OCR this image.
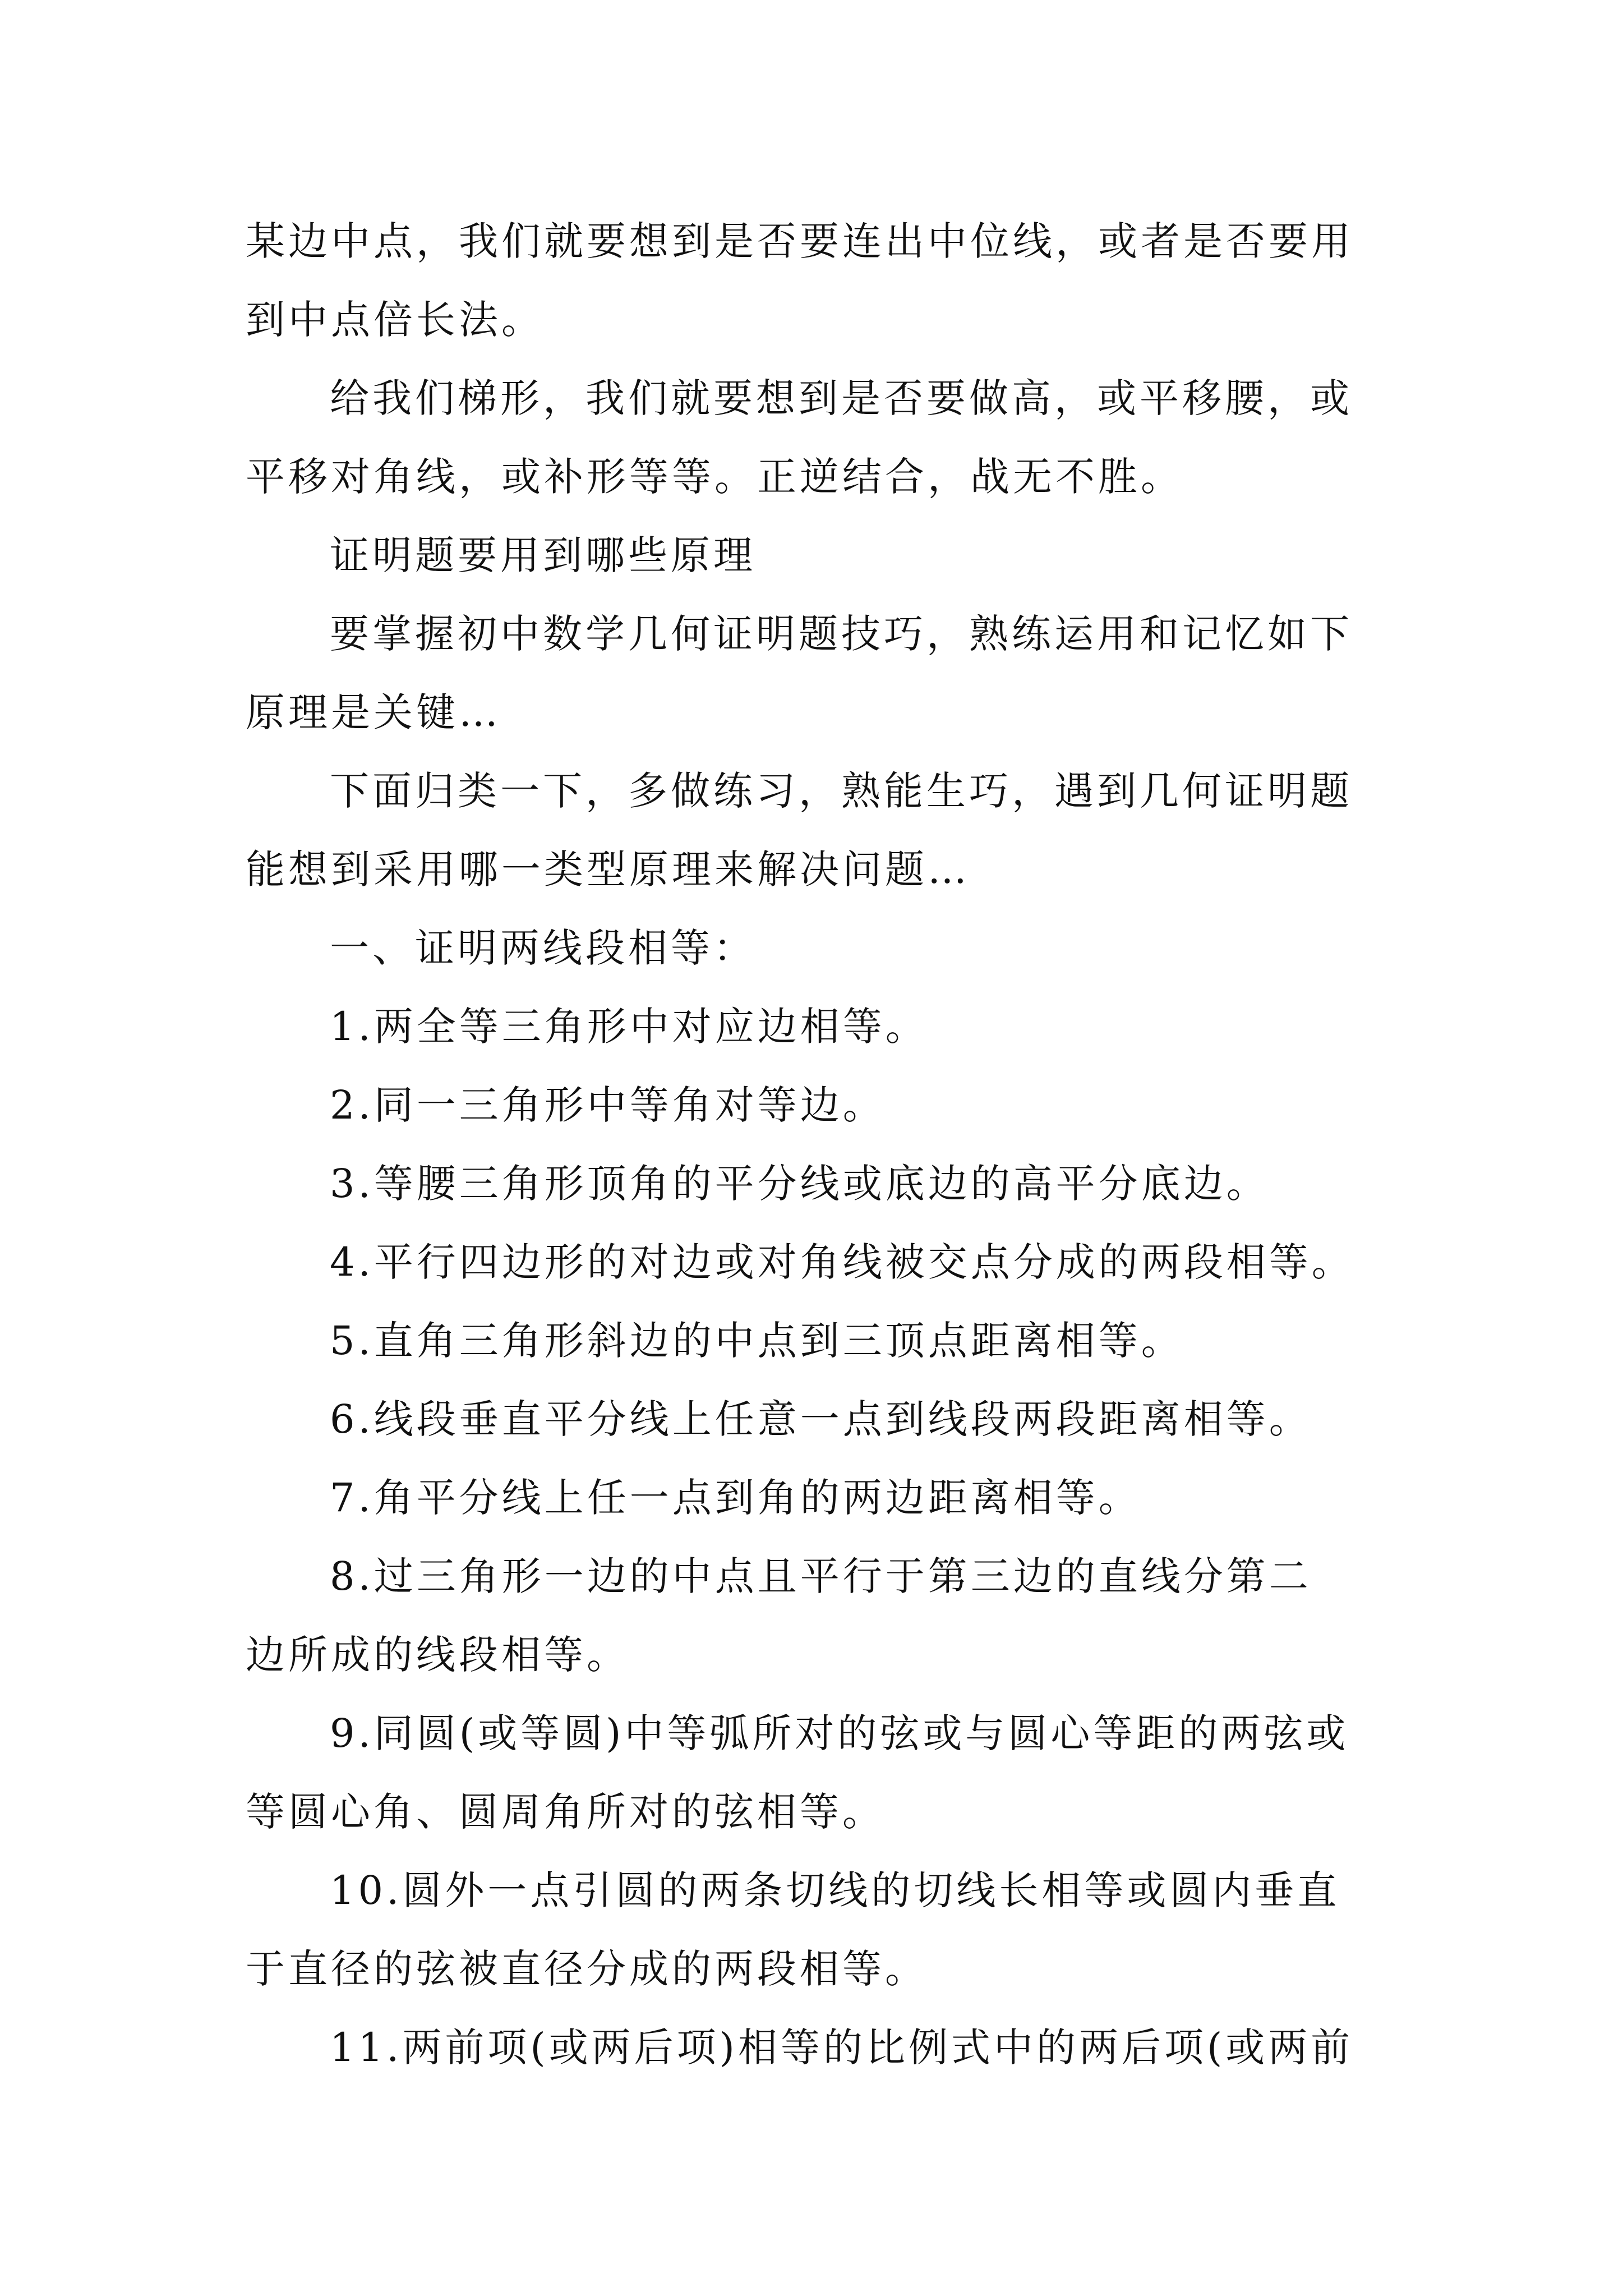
某边中点，我们就要想到是否要连出中位线，或者是否要用
到中点倍长法。
给我们梯形，我们就要想到是否要做高，或平移腰，或
平移对角线，或补形等等。正逆结合，战无不胜。
证明题要用到哪些原理
要掌握初中数学几何证明题技巧，熟练运用和记忆如下
原理是关键…
下面归类一下，多做练习，熟能生巧，遇到几何证明题
能想到采用哪一类型原理来解决问题…
一、证明两线段相等：
1.两全等三角形中对应边相等。
2.同一三角形中等角对等边。
3.等腰三角形顶角的平分线或底边的高平分底边。
4.平行四边形的对边或对角线被交点分成的两段相等。
5.直角三角形斜边的中点到三顶点距离相等。
6.线段垂直平分线上任意一点到线段两段距离相等。
7.角平分线上任一点到角的两边距离相等。
8.过三角形一边的中点且平行于第三边的直线分第二
边所成的线段相等。
9.同圆(或等圆)中等弧所对的弦或与圆心等距的两弦或
等圆心角、圆周角所对的弦相等。
10.圆外一点引圆的两条切线的切线长相等或圆内垂直
于直径的弦被直径分成的两段相等。
11.两前项(或两后项)相等的比例式中的两后项(或两前
